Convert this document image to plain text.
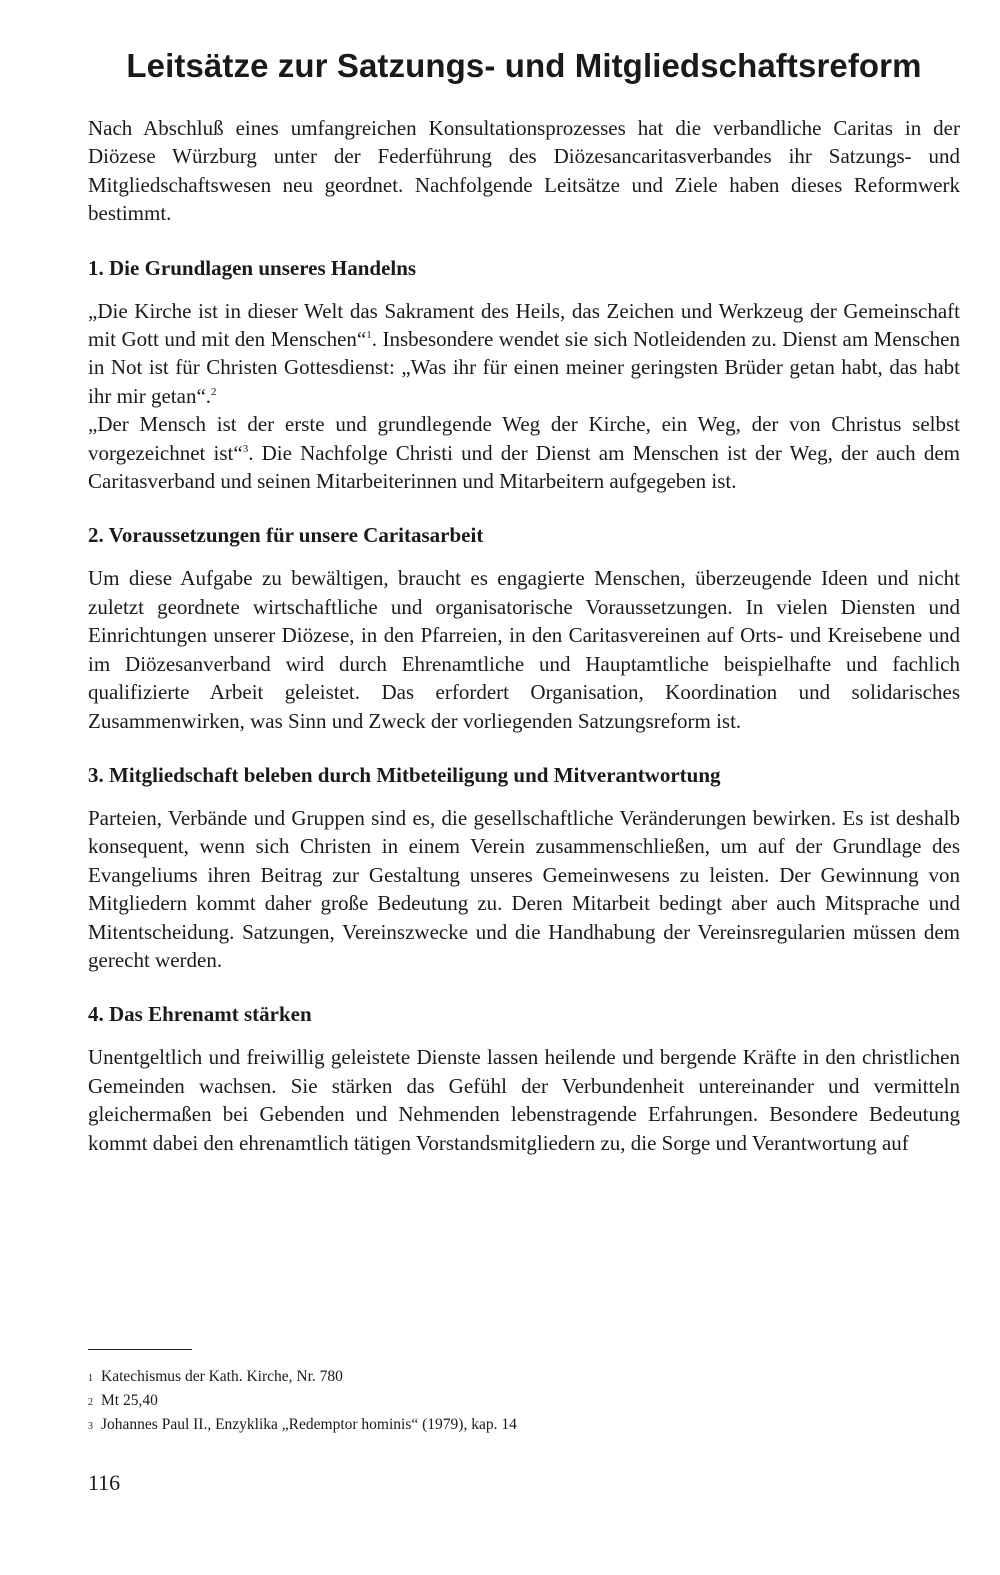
Leitsätze zur Satzungs- und Mitgliedschaftsreform

Nach Abschluß eines umfangreichen Konsultationsprozesses hat die verbandliche Caritas in der Diözese Würzburg unter der Federführung des Diözesancaritasverbandes ihr Satzungs- und Mitgliedschaftswesen neu geordnet. Nachfolgende Leitsätze und Ziele haben dieses Reformwerk bestimmt.

1. Die Grundlagen unseres Handelns

„Die Kirche ist in dieser Welt das Sakrament des Heils, das Zeichen und Werkzeug der Gemeinschaft mit Gott und mit den Menschen“$^1$. Insbesondere wendet sie sich Notleidenden zu. Dienst am Menschen in Not ist für Christen Gottesdienst: „Was ihr für einen meiner geringsten Brüder getan habt, das habt ihr mir getan“.$^2$

„Der Mensch ist der erste und grundlegende Weg der Kirche, ein Weg, der von Christus selbst vorgezeichnet ist“$^3$. Die Nachfolge Christi und der Dienst am Menschen ist der Weg, der auch dem Caritasverband und seinen Mitarbeiterinnen und Mitarbeitern aufgegeben ist.

2. Voraussetzungen für unsere Caritasarbeit

Um diese Aufgabe zu bewältigen, braucht es engagierte Menschen, überzeugende Ideen und nicht zuletzt geordnete wirtschaftliche und organisatorische Voraussetzungen. In vielen Diensten und Einrichtungen unserer Diözese, in den Pfarreien, in den Caritasvereinen auf Orts- und Kreisebene und im Diözesanverband wird durch Ehrenamtliche und Hauptamtliche beispielhafte und fachlich qualifizierte Arbeit geleistet. Das erfordert Organisation, Koordination und solidarisches Zusammenwirken, was Sinn und Zweck der vorliegenden Satzungsreform ist.

3. Mitgliedschaft beleben durch Mitbeteiligung und Mitverantwortung

Parteien, Verbände und Gruppen sind es, die gesellschaftliche Veränderungen bewirken. Es ist deshalb konsequent, wenn sich Christen in einem Verein zusammenschließen, um auf der Grundlage des Evangeliums ihren Beitrag zur Gestaltung unseres Gemeinwesens zu leisten. Der Gewinnung von Mitgliedern kommt daher große Bedeutung zu. Deren Mitarbeit bedingt aber auch Mitsprache und Mitentscheidung. Satzungen, Vereinszwecke und die Handhabung der Vereinsregularien müssen dem gerecht werden.

4. Das Ehrenamt stärken

Unentgeltlich und freiwillig geleistete Dienste lassen heilende und bergende Kräfte in den christlichen Gemeinden wachsen. Sie stärken das Gefühl der Verbundenheit untereinander und vermitteln gleichermaßen bei Gebenden und Nehmenden lebenstragende Erfahrungen. Besondere Bedeutung kommt dabei den ehrenamtlich tätigen Vorstandsmitgliedern zu, die Sorge und Verantwortung auf

1 Katechismus der Kath. Kirche, Nr. 780
2 Mt 25,40
3 Johannes Paul II., Enzyklika „Redemptor hominis“ (1979), kap. 14
116
